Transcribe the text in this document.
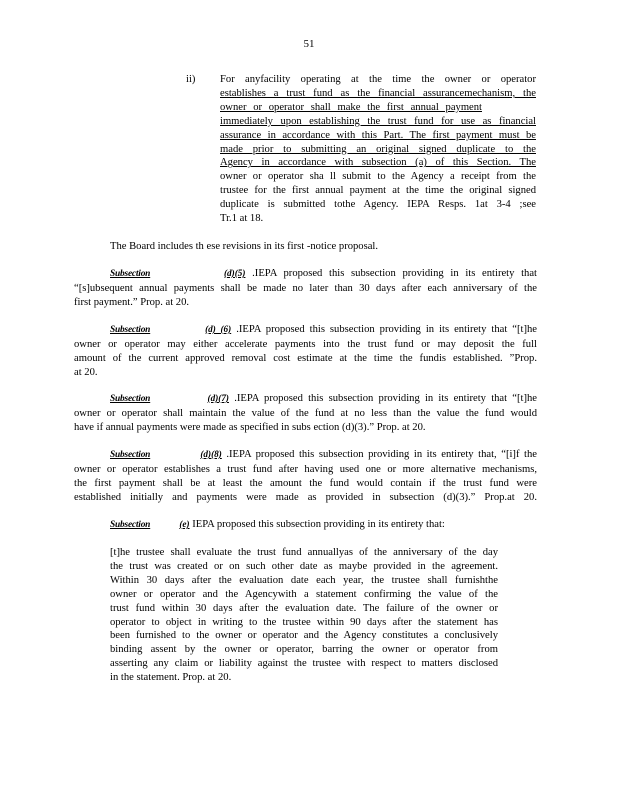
51
ii) For anyfacility operating at the time the owner or operator
establishes a trust fund as the financial assurancemechanism, the
owner or operator shall make the first annual payment
immediately upon establishing the trust fund for use as financial
assurance in accordance with this Part. The first payment must be
made prior to submitting an original signed duplicate to the
Agency in accordance with subsection (a) of this Section. The
owner or operator sha ll submit to the Agency a receipt from the
trustee for the first annual payment at the time the original signed
duplicate is submitted tothe Agency. IEPA Resps. 1at 3-4 ;see
Tr.1 at 18.
The Board includes th ese revisions in its first -notice proposal.
Subsection	(d)(5) .IEPA proposed this subsection providing in its entirety that
“[s]ubsequent annual payments shall be made no later than 30 days after each anniversary of the
first payment.” Prop. at 20.
Subsection	(d) (6) .IEPA proposed this subsection providing in its entirety that “[t]he
owner or operator may either accelerate payments into the trust fund or may deposit the full
amount of the current approved removal cost estimate at the time the fundis established. ”Prop.
at 20.
Subsection	(d)(7) .IEPA proposed this subsection providing in its entirety that “[t]he
owner or operator shall maintain the value of the fund at no less than the value the fund would
have if annual payments were made as specified in subs ection (d)(3).” Prop. at 20.
Subsection	(d)(8) .IEPA proposed this subsection providing in its entirety that, “[i]f the
owner or operator establishes a trust fund after having used one or more alternative mechanisms,
the first payment shall be at least the amount the fund would contain if the trust fund were
established initially and payments were made as provided in subsection (d)(3).” Prop.at 20.
Subsection	(e) IEPA proposed this subsection providing in its entirety that:
[t]he trustee shall evaluate the trust fund annuallyas of the anniversary of the day
the trust was created or on such other date as maybe provided in the agreement.
Within 30 days after the evaluation date each year, the trustee shall furnishthe
owner or operator and the Agencywith a statement confirming the value of the
trust fund within 30 days after the evaluation date. The failure of the owner or
operator to object in writing to the trustee within 90 days after the statement has
been furnished to the owner or operator and the Agency constitutes a conclusively
binding assent by the owner or operator, barring the owner or operator from
asserting any claim or liability against the trustee with respect to matters disclosed
in the statement. Prop. at 20.
